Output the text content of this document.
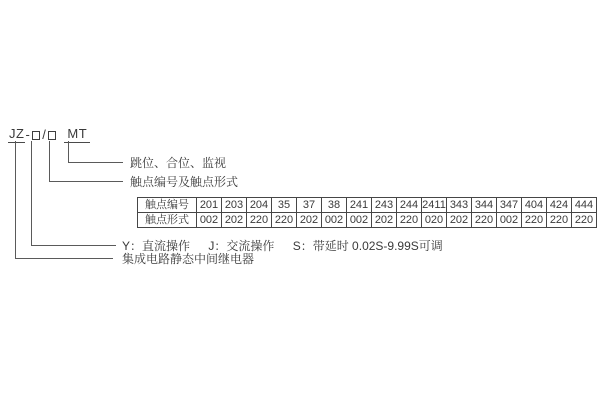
JZ - / MT
跳位、合位、监视
触点编号及触点形式
触点编号	201	203	204	35	37	38	241	243	244	2411	343	344	347	404	424	444
触点形式	002	202	220	220	202	002	002	202	220	020	202	220	002	220	220	220
Y：直流操作 J：交流操作 S：带延时 0.02S-9.99S可调
集成电路静态中间继电器
